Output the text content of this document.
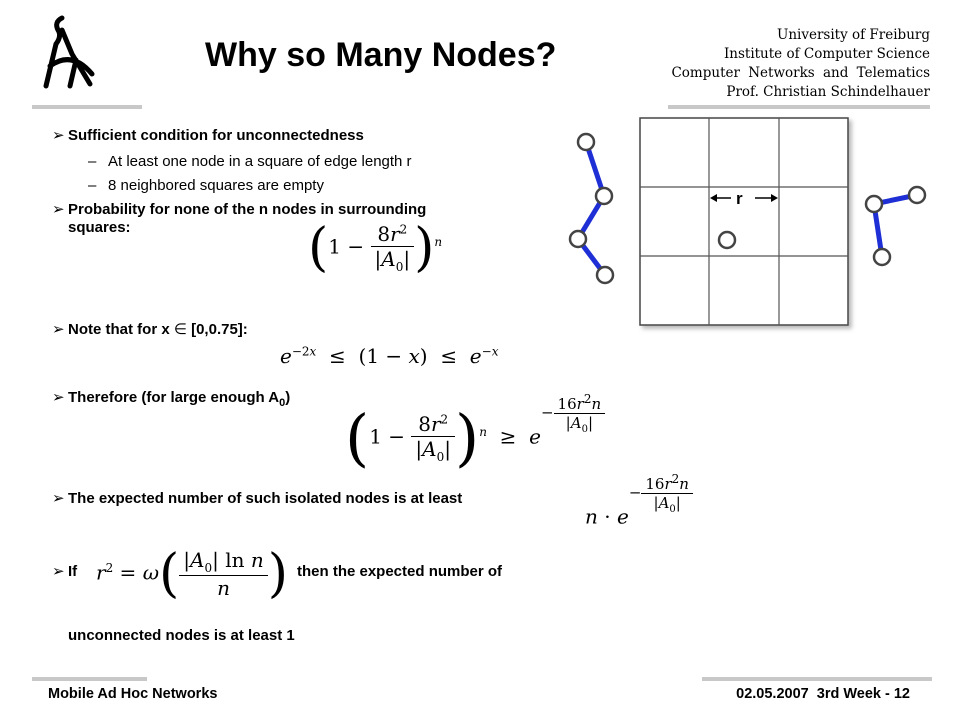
Why so Many Nodes?
University of Freiburg
Institute of Computer Science
Computer Networks and Telematics
Prof. Christian Schindelhauer
➢ Sufficient condition for unconnectedness
– At least one node in a square of edge length r
– 8 neighbored squares are empty
➢ Probability for none of the n nodes in surrounding
squares:	$(1 - \frac{8r^2}{|A_0|} )^n$
➢ Note that for x ∈ [0,0.75]:
$e^{-2x} \le (1 - x) \le e^{-x}$
➢ Therefore (for large enough $A_0$)
$(1 - \frac{8r^2}{|A_0|} )^n \ge e- \frac{16r^2n}{|A_0|}$
➢ The expected number of such isolated nodes is at least
$n \cdot e- \frac{16r^2n}{|A_0|}$
➢ If $r^2 = \omega( \frac{|A_0| \ln n}{n}$ ) then the expected number of
unconnected nodes is at least 1
r
Mobile Ad Hoc Networks	02.05.2007  3rd Week - 12
